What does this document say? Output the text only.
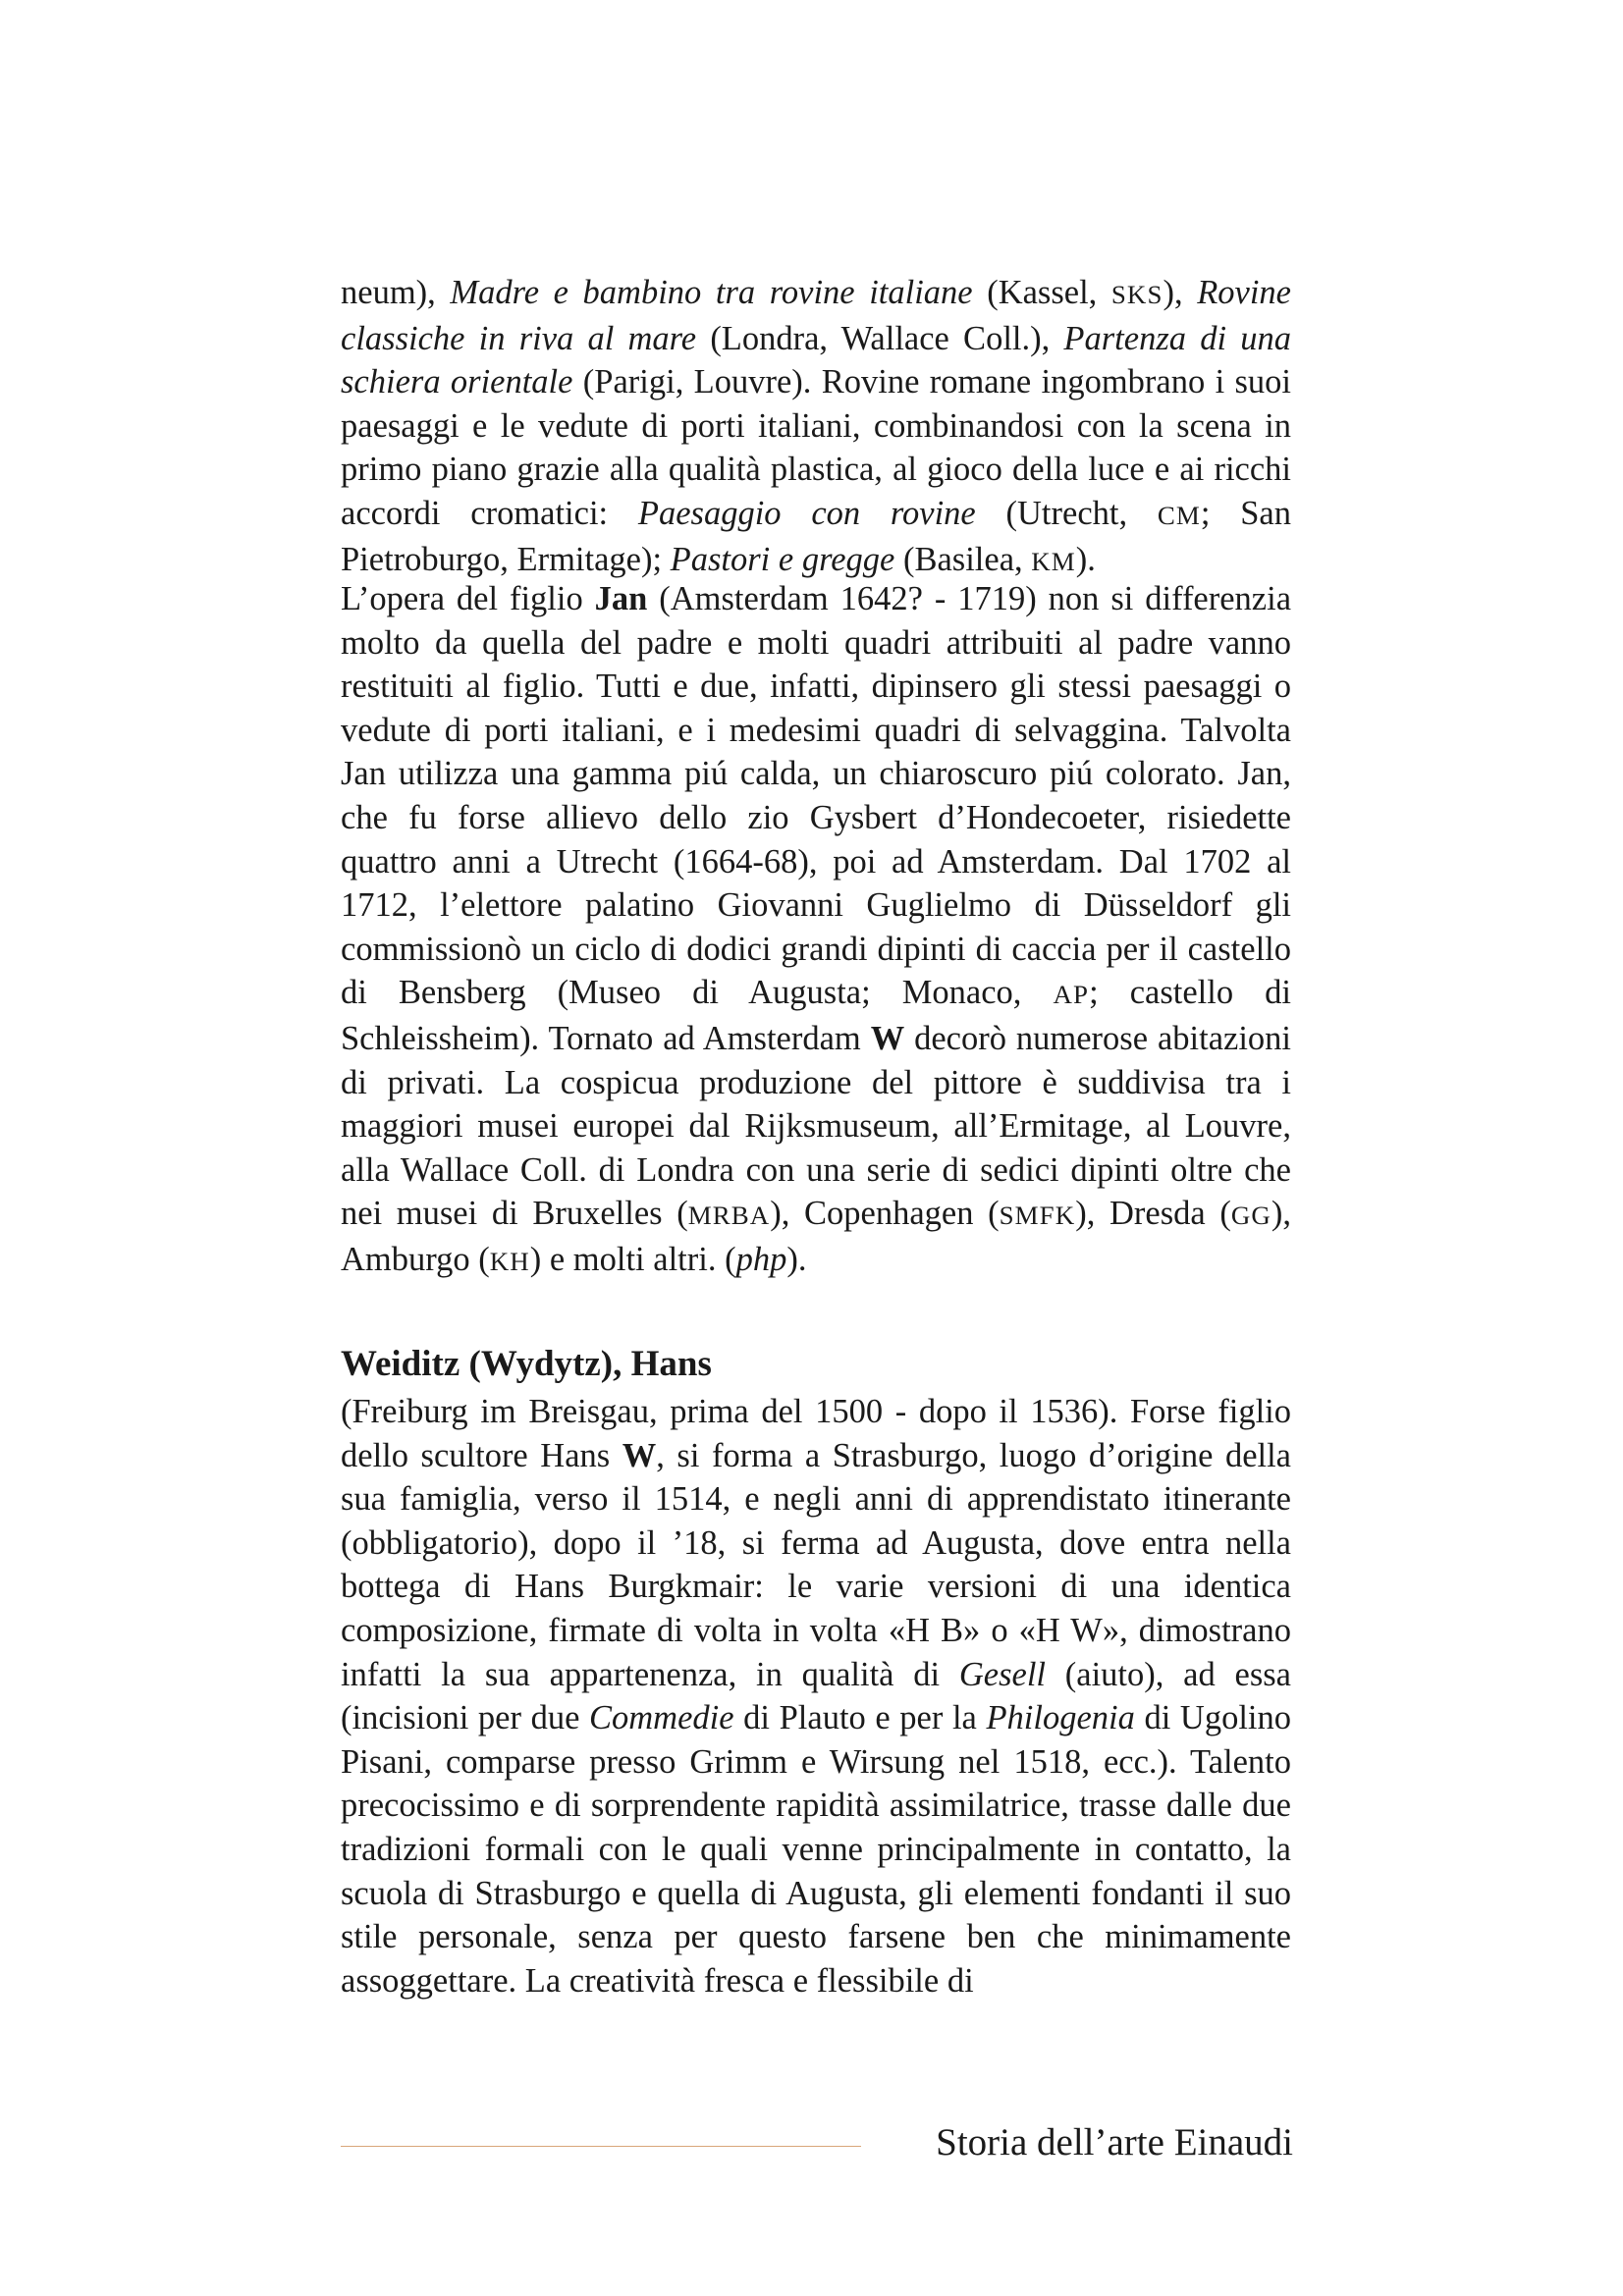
neum), Madre e bambino tra rovine italiane (Kassel, SKS), Rovine classiche in riva al mare (Londra, Wallace Coll.), Partenza di una schiera orientale (Parigi, Louvre). Rovine romane ingombrano i suoi paesaggi e le vedute di porti italiani, combinandosi con la scena in primo piano grazie alla qualità plastica, al gioco della luce e ai ricchi accordi cromatici: Paesaggio con rovine (Utrecht, CM; San Pietroburgo, Ermitage); Pastori e gregge (Basilea, KM).

L’opera del figlio Jan (Amsterdam 1642? - 1719) non si differenzia molto da quella del padre e molti quadri attribuiti al padre vanno restituiti al figlio. Tutti e due, infatti, dipinsero gli stessi paesaggi o vedute di porti italiani, e i medesimi quadri di selvaggina. Talvolta Jan utilizza una gamma piú calda, un chiaroscuro piú colorato. Jan, che fu forse allievo dello zio Gysbert d’Hondecoeter, risiedette quattro anni a Utrecht (1664-68), poi ad Amsterdam. Dal 1702 al 1712, l’elettore palatino Giovanni Guglielmo di Düsseldorf gli commissionò un ciclo di dodici grandi dipinti di caccia per il castello di Bensberg (Museo di Augusta; Monaco, AP; castello di Schleissheim). Tornato ad Amsterdam W decorò numerose abitazioni di privati. La cospicua produzione del pittore è suddivisa tra i maggiori musei europei dal Rijksmuseum, all’Ermitage, al Louvre, alla Wallace Coll. di Londra con una serie di sedici dipinti oltre che nei musei di Bruxelles (MRBA), Copenhagen (SMFK), Dresda (GG), Amburgo (KH) e molti altri. (php).

Weiditz (Wydytz), Hans

(Freiburg im Breisgau, prima del 1500 - dopo il 1536). Forse figlio dello scultore Hans W, si forma a Strasburgo, luogo d’origine della sua famiglia, verso il 1514, e negli anni di apprendistato itinerante (obbligatorio), dopo il ’18, si ferma ad Augusta, dove entra nella bottega di Hans Burgkmair: le varie versioni di una identica composizione, firmate di volta in volta «H B» o «H W», dimostrano infatti la sua appartenenza, in qualità di Gesell (aiuto), ad essa (incisioni per due Commedie di Plauto e per la Philogenia di Ugolino Pisani, comparse presso Grimm e Wirsung nel 1518, ecc.). Talento precocissimo e di sorprendente rapidità assimilatrice, trasse dalle due tradizioni formali con le quali venne principalmente in contatto, la scuola di Strasburgo e quella di Augusta, gli elementi fondanti il suo stile personale, senza per questo farsene ben che minimamente assoggettare. La creatività fresca e flessibile di

Storia dell’arte Einaudi
